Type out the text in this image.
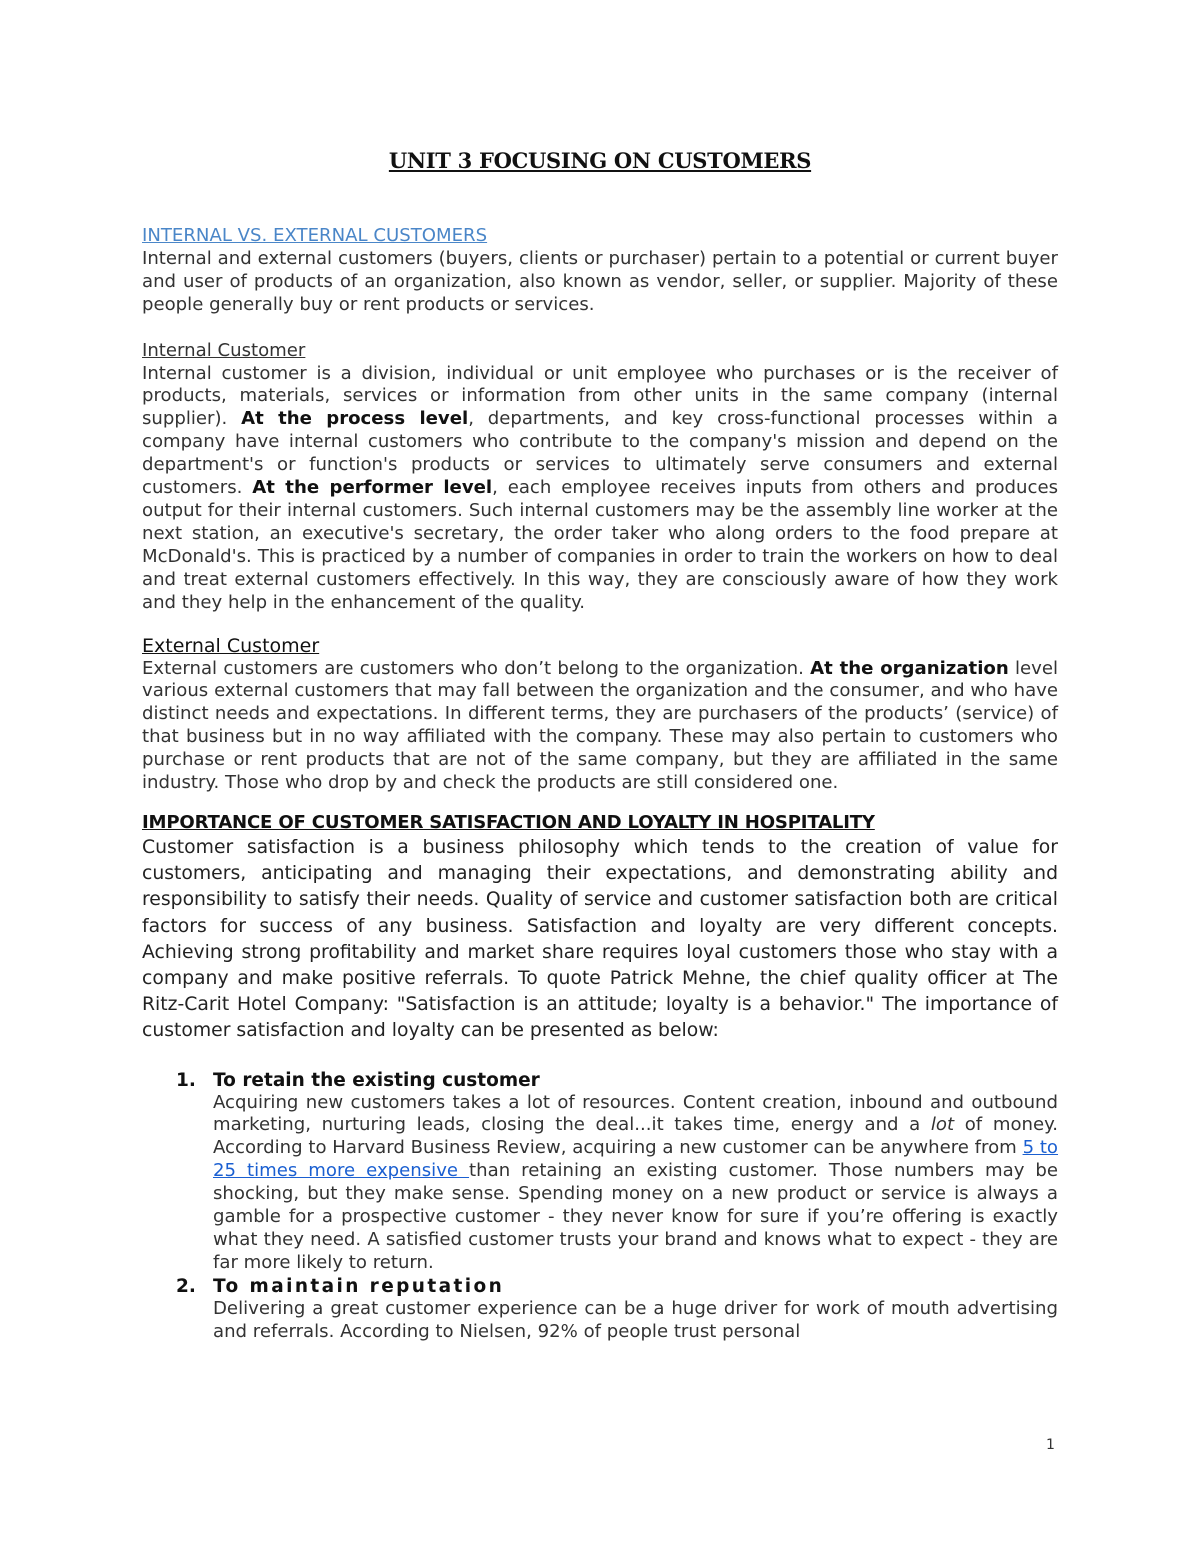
UNIT 3 FOCUSING ON CUSTOMERS

INTERNAL VS. EXTERNAL CUSTOMERS

Internal and external customers (buyers, clients or purchaser) pertain to a potential or current buyer and user of products of an organization, also known as vendor, seller, or supplier. Majority of these people generally buy or rent products or services.

Internal Customer

Internal customer is a division, individual or unit employee who purchases or is the receiver of products, materials, services or information from other units in the same company (internal supplier). At the process level, departments, and key cross-functional processes within a company have internal customers who contribute to the company's mission and depend on the department's or function's products or services to ultimately serve consumers and external customers. At the performer level, each employee receives inputs from others and produces output for their internal customers. Such internal customers may be the assembly line worker at the next station, an executive's secretary, the order taker who along orders to the food prepare at McDonald's. This is practiced by a number of companies in order to train the workers on how to deal and treat external customers effectively. In this way, they are consciously aware of how they work and they help in the enhancement of the quality.

External Customer

External customers are customers who don’t belong to the organization. At the organization level various external customers that may fall between the organization and the consumer, and who have distinct needs and expectations. In different terms, they are purchasers of the products’ (service) of that business but in no way affiliated with the company. These may also pertain to customers who purchase or rent products that are not of the same company, but they are affiliated in the same industry. Those who drop by and check the products are still considered one.

IMPORTANCE OF CUSTOMER SATISFACTION AND LOYALTY IN HOSPITALITY

Customer satisfaction is a business philosophy which tends to the creation of value for customers, anticipating and managing their expectations, and demonstrating ability and responsibility to satisfy their needs. Quality of service and customer satisfaction both are critical factors for success of any business. Satisfaction and loyalty are very different concepts. Achieving strong profitability and market share requires loyal customers those who stay with a company and make positive referrals. To quote Patrick Mehne, the chief quality officer at The Ritz-Carit Hotel Company: "Satisfaction is an attitude; loyalty is a behavior." The importance of customer satisfaction and loyalty can be presented as below:

1. To retain the existing customer

Acquiring new customers takes a lot of resources. Content creation, inbound and outbound marketing, nurturing leads, closing the deal...it takes time, energy and a lot of money. According to Harvard Business Review, acquiring a new customer can be anywhere from 5 to 25 times more expensive than retaining an existing customer. Those numbers may be shocking, but they make sense. Spending money on a new product or service is always a gamble for a prospective customer - they never know for sure if you’re offering is exactly what they need. A satisfied customer trusts your brand and knows what to expect - they are far more likely to return.

2. To maintain reputation

Delivering a great customer experience can be a huge driver for work of mouth advertising and referrals. According to Nielsen, 92% of people trust personal

1
